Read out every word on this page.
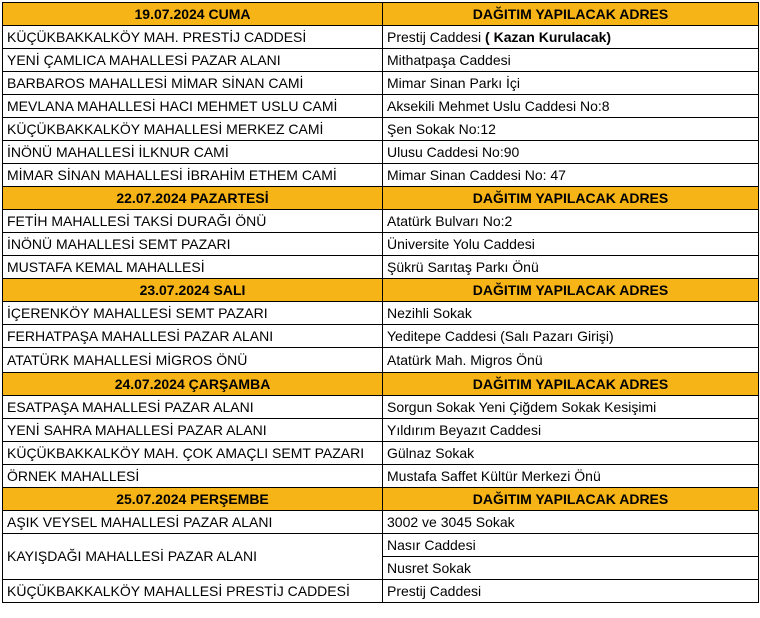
19.07.2024 CUMA	DAĞITIM YAPILACAK ADRES
KÜÇÜKBAKKALKÖY MAH. PRESTİJ CADDESİ	Prestij Caddesi ( Kazan Kurulacak)
YENİ ÇAMLICA MAHALLESİ PAZAR ALANI	Mithatpaşa Caddesi
BARBAROS MAHALLESİ MİMAR SİNAN CAMİ	Mimar Sinan Parkı İçi
MEVLANA MAHALLESİ HACI MEHMET USLU CAMİ	Aksekili Mehmet Uslu Caddesi No:8
KÜÇÜKBAKKALKÖY MAHALLESİ MERKEZ CAMİ	Şen Sokak No:12
İNÖNÜ MAHALLESİ İLKNUR CAMİ	Ulusu Caddesi No:90
MİMAR SİNAN MAHALLESİ İBRAHİM ETHEM CAMİ	Mimar Sinan Caddesi No: 47
22.07.2024 PAZARTESİ	DAĞITIM YAPILACAK ADRES
FETİH MAHALLESİ TAKSİ DURAĞI ÖNÜ	Atatürk Bulvarı No:2
İNÖNÜ MAHALLESİ SEMT PAZARI	Üniversite Yolu Caddesi
MUSTAFA KEMAL MAHALLESİ	Şükrü Sarıtaş Parkı Önü
23.07.2024 SALI	DAĞITIM YAPILACAK ADRES
İÇERENKÖY MAHALLESİ SEMT PAZARI	Nezihli Sokak
FERHATPAŞA MAHALLESİ PAZAR ALANI	Yeditepe Caddesi (Salı Pazarı Girişi)
ATATÜRK MAHALLESİ MİGROS ÖNÜ	Atatürk Mah. Migros Önü
24.07.2024 ÇARŞAMBA	DAĞITIM YAPILACAK ADRES
ESATPAŞA MAHALLESİ PAZAR ALANI	Sorgun Sokak Yeni Çiğdem Sokak Kesişimi
YENİ SAHRA MAHALLESİ PAZAR ALANI	Yıldırım Beyazıt Caddesi
KÜÇÜKBAKKALKÖY MAH. ÇOK AMAÇLI SEMT PAZARI	Gülnaz Sokak
ÖRNEK MAHALLESİ	Mustafa Saffet Kültür Merkezi Önü
25.07.2024 PERŞEMBE	DAĞITIM YAPILACAK ADRES
AŞIK VEYSEL MAHALLESİ PAZAR ALANI	3002 ve 3045 Sokak
KAYIŞDAĞI MAHALLESİ PAZAR ALANI	Nasır Caddesi
	Nusret Sokak
KÜÇÜKBAKKALKÖY MAHALLESİ PRESTİJ CADDESİ	Prestij Caddesi
